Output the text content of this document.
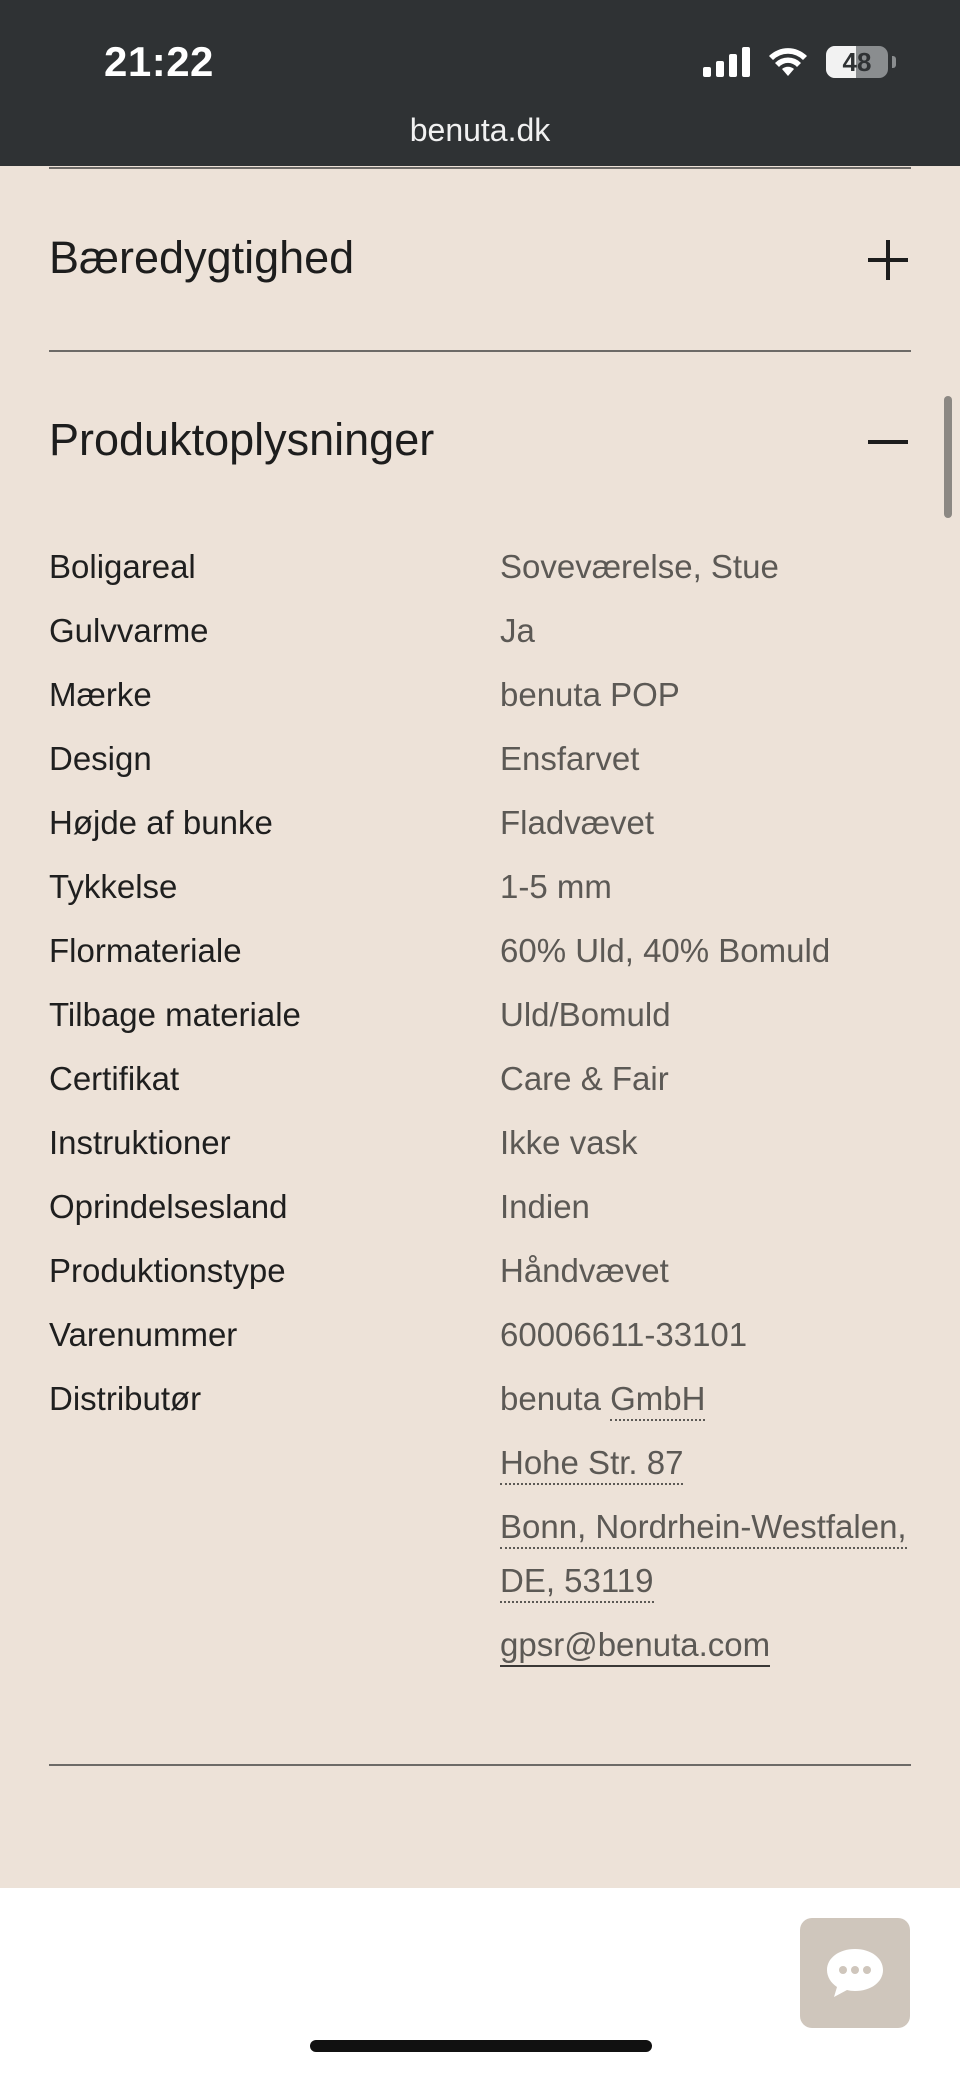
21:22	48
benuta.dk
Bæredygtighed
Produktoplysninger
Boligareal	Soveværelse, Stue
Gulvvarme	Ja
Mærke	benuta POP
Design	Ensfarvet
Højde af bunke	Fladvævet
Tykkelse	1-5 mm
Flormateriale	60% Uld, 40% Bomuld
Tilbage materiale	Uld/Bomuld
Certifikat	Care & Fair
Instruktioner	Ikke vask
Oprindelsesland	Indien
Produktionstype	Håndvævet
Varenummer	60006611-33101
Distributør	benuta GmbH
Hohe Str. 87
Bonn, Nordrhein-Westfalen,
DE, 53119
gpsr@benuta.com
